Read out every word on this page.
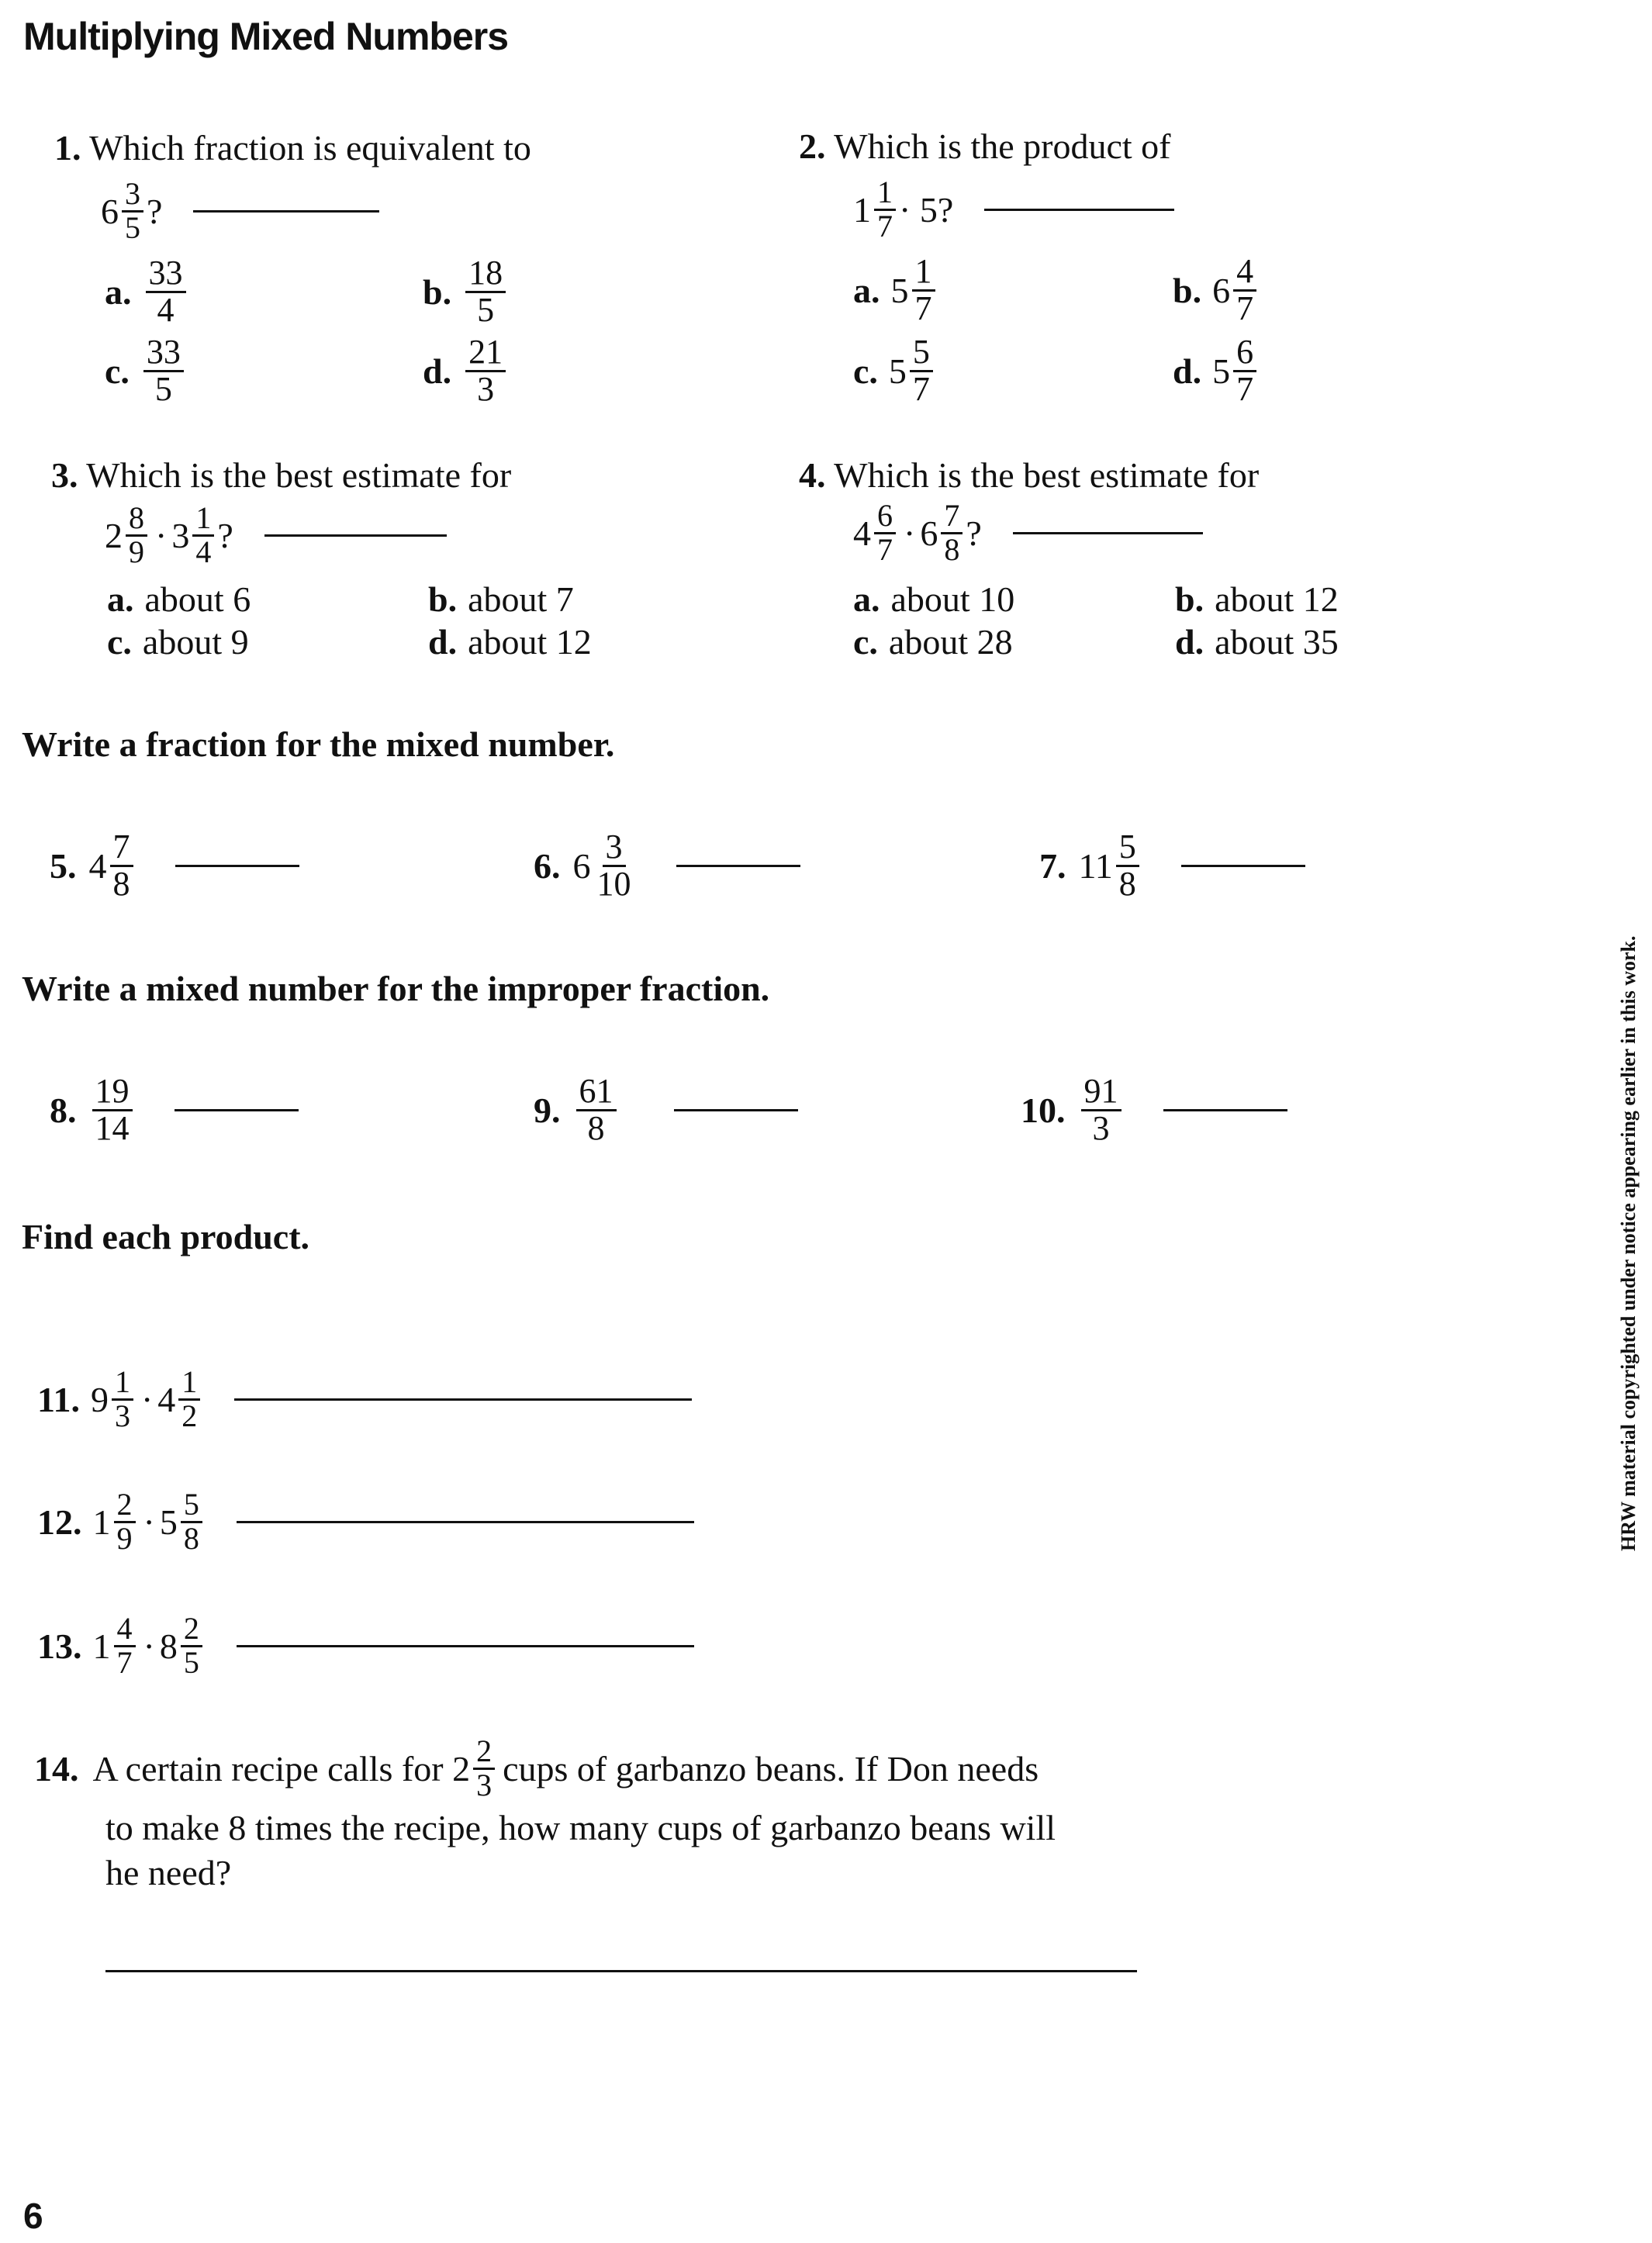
Multiplying Mixed Numbers
1. Which fraction is equivalent to
$6 \frac{3}{5}$ ?
a. $\frac{33}{4}$	b. $\frac{18}{5}$
c. $\frac{33}{5}$	d. $\frac{21}{3}$
2. Which is the product of
$1 \frac{1}{7} \cdot 5$?
a. $5 \frac{1}{7}$	b. $6 \frac{4}{7}$
c. $5 \frac{5}{7}$	d. $5 \frac{6}{7}$
3. Which is the best estimate for
$2 \frac{8}{9} \cdot 3 \frac{1}{4}$ ?
a. about 6	b. about 7
c. about 9	d. about 12
4. Which is the best estimate for
$4 \frac{6}{7} \cdot 6 \frac{7}{8}$ ?
a. about 10	b. about 12
c. about 28	d. about 35
Write a fraction for the mixed number.
5. $4 \frac{7}{8}$	6. $6 \frac{3}{10}$	7. $11 \frac{5}{8}$
Write a mixed number for the improper fraction.
8. $\frac{19}{14}$	9. $\frac{61}{8}$	10. $\frac{91}{3}$
Find each product.
11. $9 \frac{1}{3} \cdot 4 \frac{1}{2}$
12. $1 \frac{2}{9} \cdot 5 \frac{5}{8}$
13. $1 \frac{4}{7} \cdot 8 \frac{2}{5}$
14. A certain recipe calls for $2 \frac{2}{3}$ cups of garbanzo beans. If Don needs
to make 8 times the recipe, how many cups of garbanzo beans will
he need?
HRW material copyrighted under notice appearing earlier in this work.
6
